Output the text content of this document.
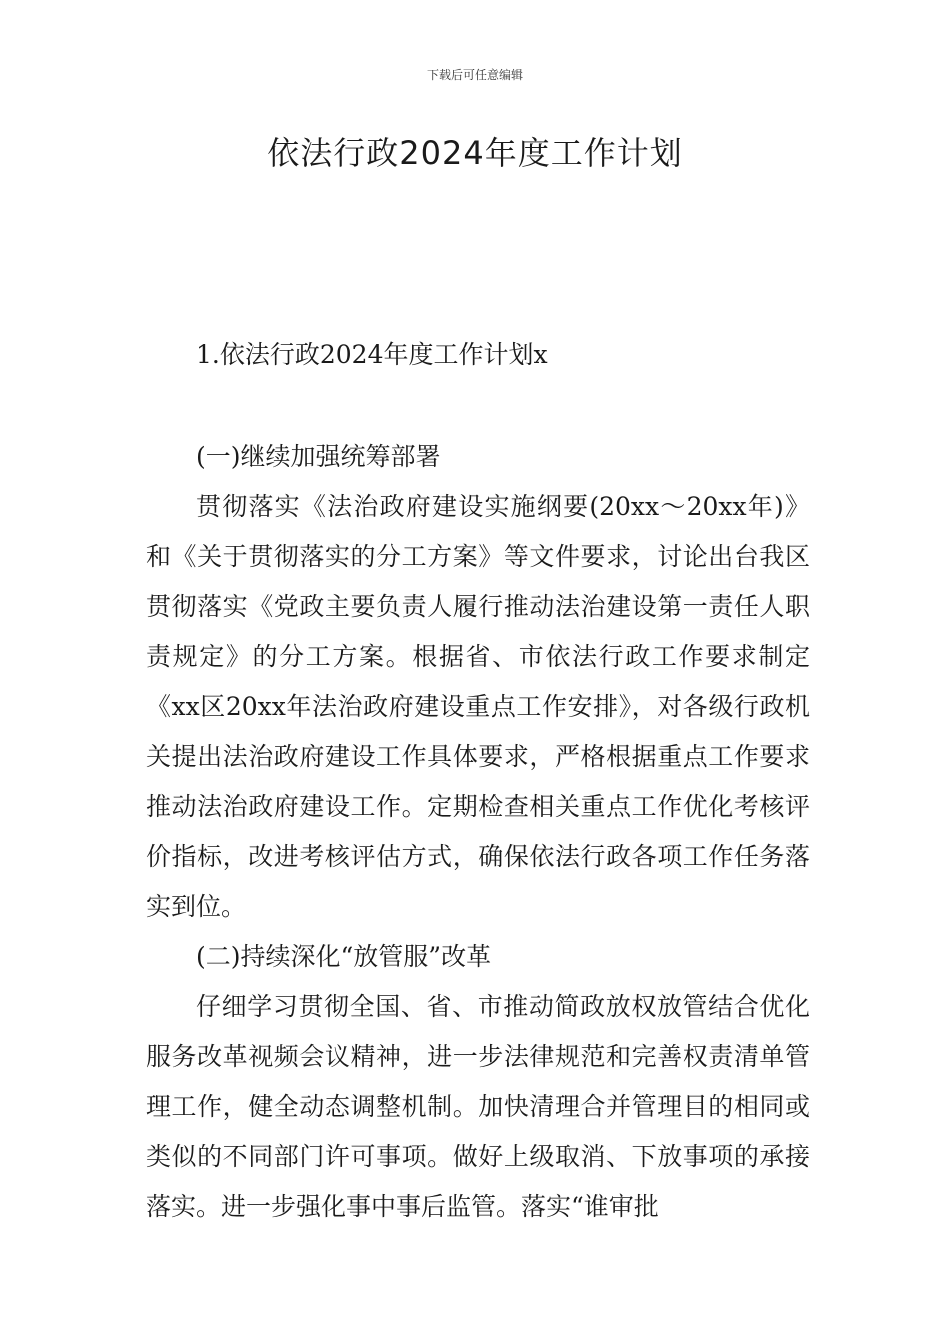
下载后可任意编辑
依法行政2024年度工作计划

1.依法行政2024年度工作计划x

(一)继续加强统筹部署

贯彻落实《法治政府建设实施纲要(20xx～20xx年)》和《关于贯彻落实的分工方案》等文件要求，讨论出台我区贯彻落实《党政主要负责人履行推动法治建设第一责任人职责规定》的分工方案。根据省、市依法行政工作要求制定《xx区20xx年法治政府建设重点工作安排》，对各级行政机关提出法治政府建设工作具体要求，严格根据重点工作要求推动法治政府建设工作。定期检查相关重点工作优化考核评价指标，改进考核评估方式，确保依法行政各项工作任务落实到位。

(二)持续深化“放管服”改革

仔细学习贯彻全国、省、市推动简政放权放管结合优化服务改革视频会议精神，进一步法律规范和完善权责清单管理工作，健全动态调整机制。加快清理合并管理目的相同或类似的不同部门许可事项。做好上级取消、下放事项的承接落实。进一步强化事中事后监管。落实“谁审批
